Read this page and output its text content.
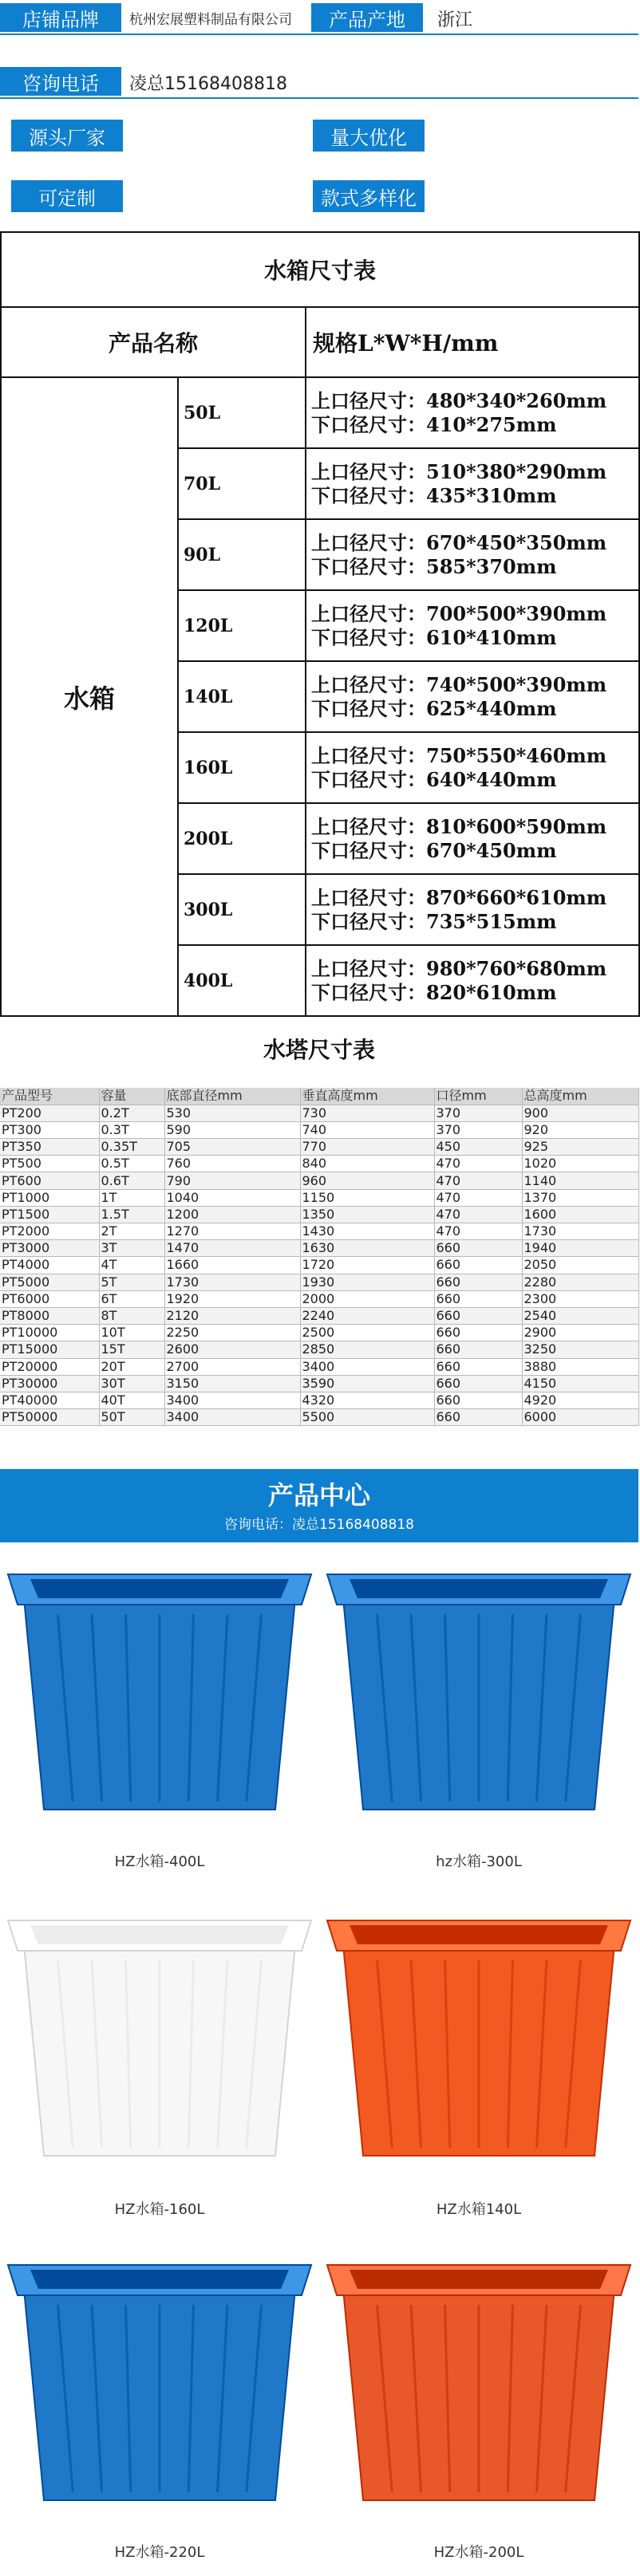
店铺品牌	杭州宏展塑料制品有限公司	产品产地	浙江
咨询电话	凌总15168408818
源头厂家	量大优化
可定制	款式多样化
水箱尺寸表		
产品名称		规格L*W*H/mm
水箱	50L	上口径尺寸：480*340*260mm
下口径尺寸：410*275mm

	70L	上口径尺寸：510*380*290mm
下口径尺寸：435*310mm

	90L	上口径尺寸：670*450*350mm
下口径尺寸：585*370mm

	120L	上口径尺寸：700*500*390mm
下口径尺寸：610*410mm

	140L	上口径尺寸：740*500*390mm
下口径尺寸：625*440mm

	160L	上口径尺寸：750*550*460mm
下口径尺寸：640*440mm

	200L	上口径尺寸：810*600*590mm
下口径尺寸：670*450mm

	300L	上口径尺寸：870*660*610mm
下口径尺寸：735*515mm

	400L	上口径尺寸：980*760*680mm
下口径尺寸：820*610mm
水塔尺寸表
产品型号	容量	底部直径mm	垂直高度mm	口径mm	总高度mm
PT200	0.2T	530	730	370	900
PT300	0.3T	590	740	370	920
PT350	0.35T	705	770	450	925
PT500	0.5T	760	840	470	1020
PT600	0.6T	790	960	470	1140
PT1000	1T	1040	1150	470	1370
PT1500	1.5T	1200	1350	470	1600
PT2000	2T	1270	1430	470	1730
PT3000	3T	1470	1630	660	1940
PT4000	4T	1660	1720	660	2050
PT5000	5T	1730	1930	660	2280
PT6000	6T	1920	2000	660	2300
PT8000	8T	2120	2240	660	2540
PT10000	10T	2250	2500	660	2900
PT15000	15T	2600	2850	660	3250
PT20000	20T	2700	3400	660	3880
PT30000	30T	3150	3590	660	4150
PT40000	40T	3400	4320	660	4920
PT50000	50T	3400	5500	660	6000
产品中心
咨询电话：凌总15168408818
HZ水箱-400L	hz水箱-300L
HZ水箱-160L	HZ水箱140L
HZ水箱-220L	HZ水箱-200L
